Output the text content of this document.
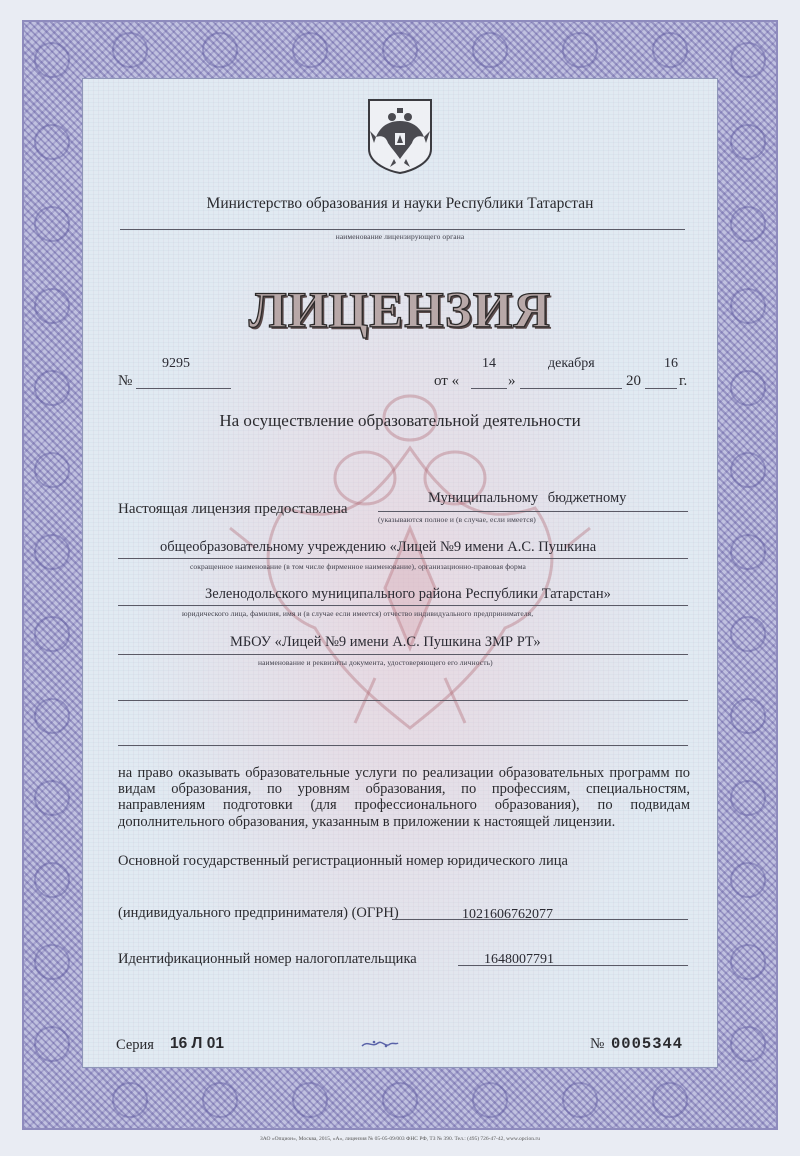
Министерство образования и науки Республики Татарстан
наименование лицензирующего органа
ЛИЦЕНЗИЯ
№
9295
от «
14
»
декабря
20
16
г.
На осуществление образовательной деятельности
Настоящая лицензия предоставлена
Муниципальному бюджетному
(указываются полное и (в случае, если имеется)
общеобразовательному учреждению «Лицей №9 имени А.С. Пушкина
сокращенное наименование (в том числе фирменное наименование), организационно-правовая форма
Зеленодольского муниципального района Республики Татарстан»
юридического лица, фамилия, имя и (в случае если имеется) отчество индивидуального предпринимателя,
МБОУ «Лицей №9 имени А.С. Пушкина ЗМР РТ»
наименование и реквизиты документа, удостоверяющего его личность)
на право оказывать образовательные услуги по реализации образовательных программ по видам образования, по уровням образования, по профессиям, специальностям, направлениям подготовки (для профессионального образования), по подвидам дополнительного образования, указанным в приложении к настоящей лицензии.
Основной государственный регистрационный номер юридического лица
(индивидуального предпринимателя) (ОГРН)	1021606762077
Идентификационный номер налогоплательщика	1648007791
Серия 16 Л 01	№ 0005344
ЗАО «Опцион», Москва, 2015, «А», лицензия № 05-05-09/003 ФНС РФ, ТЗ № 390. Тел.: (495) 726-47-42, www.opcion.ru
